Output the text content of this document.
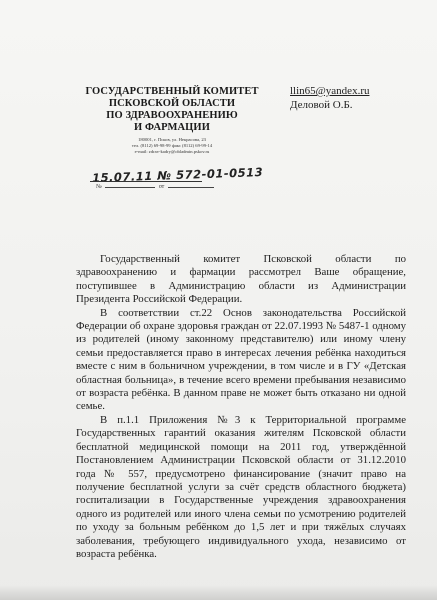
ГОСУДАРСТВЕННЫЙ КОМИТЕТ
ПСКОВСКОЙ ОБЛАСТИ
ПО ЗДРАВООХРАНЕНИЮ
И ФАРМАЦИИ
180001, г. Псков, ул. Некрасова, 23
тел. (8112) 69-98-99 факс (8112) 69-99-14
e-mail: zdrav-kadry@obladmin.pskov.ru
llin65@yandex.ru
Деловой О.Б.
15.07.11 № 572-01-0513
№	от

Государственный комитет Псковской области по здравоохранению и фармации рассмотрел Ваше обращение, поступившее в Администрацию области из Администрации Президента Российской Федерации.

В соответствии ст.22 Основ законодательства Российской Федерации об охране здоровья граждан от 22.07.1993 № 5487-1 одному из родителей (иному законному представителю) или иному члену семьи предоставляется право в интересах лечения ребёнка находиться вместе с ним в больничном учреждении, в том числе и в ГУ «Детская областная больница», в течение всего времени пребывания независимо от возраста ребёнка. В данном праве не может быть отказано ни одной семье.

В п.1.1 Приложения №3 к Территориальной программе Государственных гарантий оказания жителям Псковской области бесплатной медицинской помощи на 2011 год, утверждённой Постановлением Администрации Псковской области от 31.12.2010 года № 557, предусмотрено финансирование (значит право на получение бесплатной услуги за счёт средств областного бюджета) госпитализации в Государственные учреждения здравоохранения одного из родителей или иного члена семьи по усмотрению родителей по уходу за больным ребёнком до 1,5 лет и при тяжёлых случаях заболевания, требующего индивидуального ухода, независимо от возраста ребёнка.
